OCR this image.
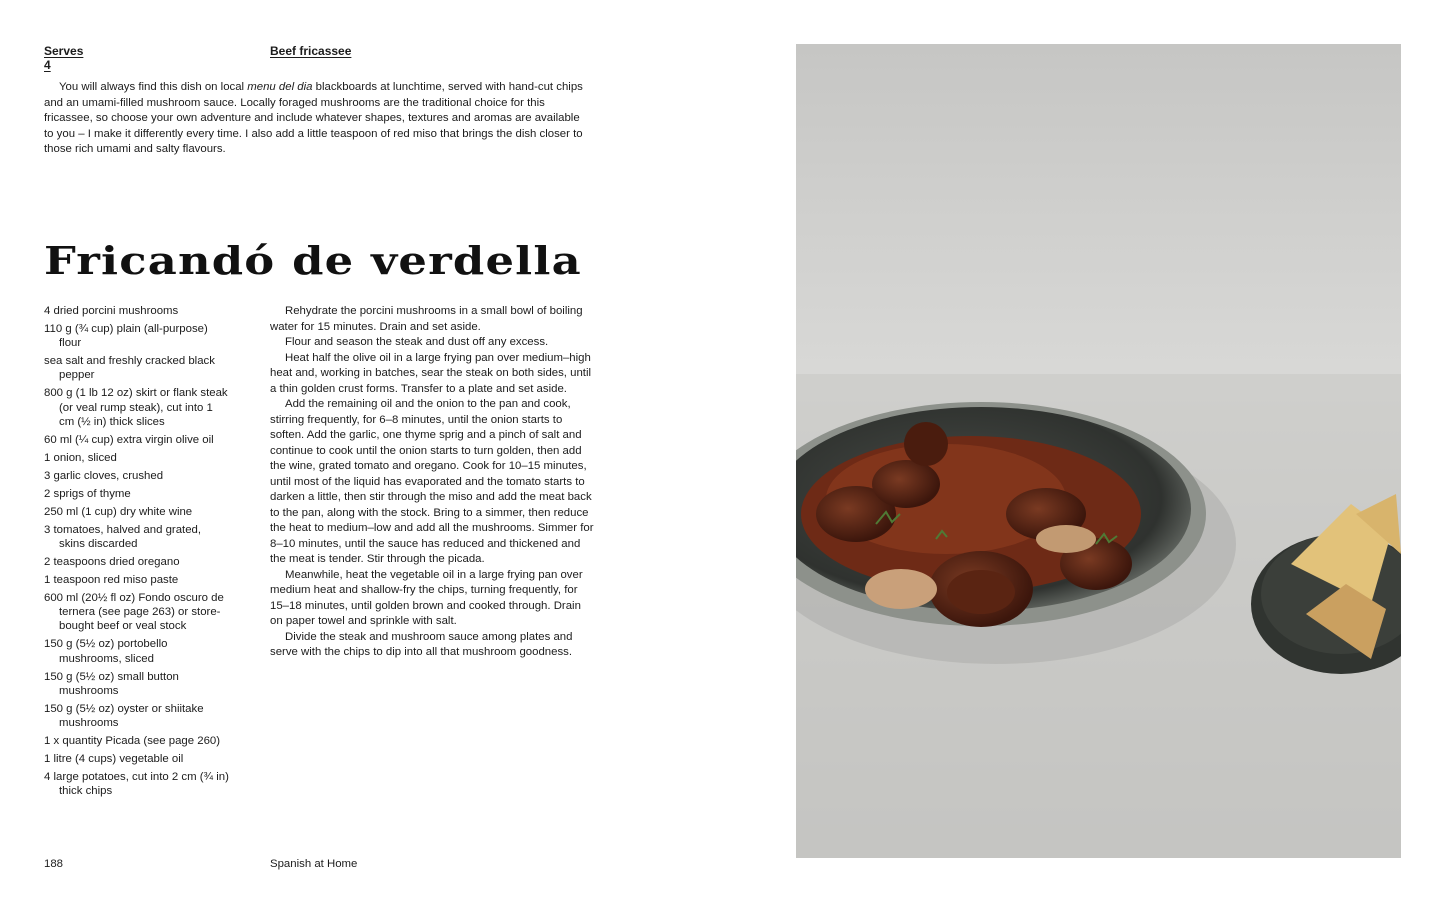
Serves 4
Beef fricassee

You will always find this dish on local menu del dia blackboards at lunchtime, served with hand-cut chips and an umami-filled mushroom sauce. Locally foraged mushrooms are the traditional choice for this fricassee, so choose your own adventure and include whatever shapes, textures and aromas are available to you – I make it differently every time. I also add a little teaspoon of red miso that brings the dish closer to those rich umami and salty flavours.

Fricandó de verdella
4 dried porcini mushrooms
110 g (¾ cup) plain (all-purpose) flour
sea salt and freshly cracked black pepper
800 g (1 lb 12 oz) skirt or flank steak (or veal rump steak), cut into 1 cm (½ in) thick slices
60 ml (¼ cup) extra virgin olive oil
1 onion, sliced
3 garlic cloves, crushed
2 sprigs of thyme
250 ml (1 cup) dry white wine
3 tomatoes, halved and grated, skins discarded
2 teaspoons dried oregano
1 teaspoon red miso paste
600 ml (20½ fl oz) Fondo oscuro de ternera (see page 263) or store-bought beef or veal stock
150 g (5½ oz) portobello mushrooms, sliced
150 g (5½ oz) small button mushrooms
150 g (5½ oz) oyster or shiitake mushrooms
1 x quantity Picada (see page 260)
1 litre (4 cups) vegetable oil
4 large potatoes, cut into 2 cm (¾ in) thick chips

Rehydrate the porcini mushrooms in a small bowl of boiling water for 15 minutes. Drain and set aside.

Flour and season the steak and dust off any excess.

Heat half the olive oil in a large frying pan over medium–high heat and, working in batches, sear the steak on both sides, until a thin golden crust forms. Transfer to a plate and set aside.

Add the remaining oil and the onion to the pan and cook, stirring frequently, for 6–8 minutes, until the onion starts to soften. Add the garlic, one thyme sprig and a pinch of salt and continue to cook until the onion starts to turn golden, then add the wine, grated tomato and oregano. Cook for 10–15 minutes, until most of the liquid has evaporated and the tomato starts to darken a little, then stir through the miso and add the meat back to the pan, along with the stock. Bring to a simmer, then reduce the heat to medium–low and add all the mushrooms. Simmer for 8–10 minutes, until the sauce has reduced and thickened and the meat is tender. Stir through the picada.

Meanwhile, heat the vegetable oil in a large frying pan over medium heat and shallow-fry the chips, turning frequently, for 15–18 minutes, until golden brown and cooked through. Drain on paper towel and sprinkle with salt.

Divide the steak and mushroom sauce among plates and serve with the chips to dip into all that mushroom goodness.

188	Spanish at Home
